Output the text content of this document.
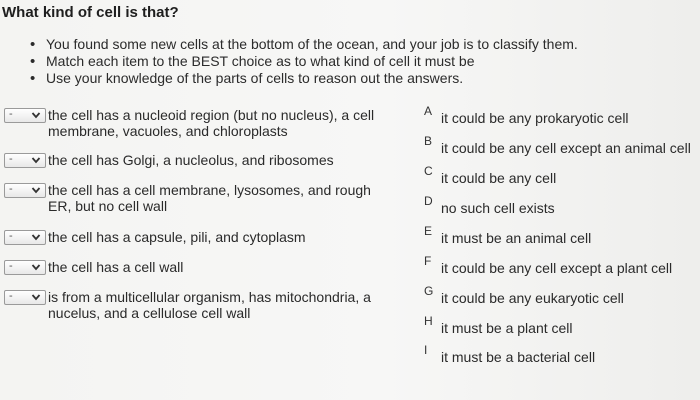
What kind of cell is that?
• You found some new cells at the bottom of the ocean, and your job is to classify them.
• Match each item to the BEST choice as to what kind of cell it must be
• Use your knowledge of the parts of cells to reason out the answers.
-	the cell has a nucleoid region (but no nucleus), a cell membrane, vacuoles, and chloroplasts
-	the cell has Golgi, a nucleolus, and ribosomes
-	the cell has a cell membrane, lysosomes, and rough ER, but no cell wall
-	the cell has a capsule, pili, and cytoplasm
-	the cell has a cell wall
-	is from a multicellular organism, has mitochondria, a nucelus, and a cellulose cell wall
A it could be any prokaryotic cell
B it could be any cell except an animal cell
C it could be any cell
D no such cell exists
E it must be an animal cell
F it could be any cell except a plant cell
G it could be any eukaryotic cell
H it must be a plant cell
I it must be a bacterial cell
